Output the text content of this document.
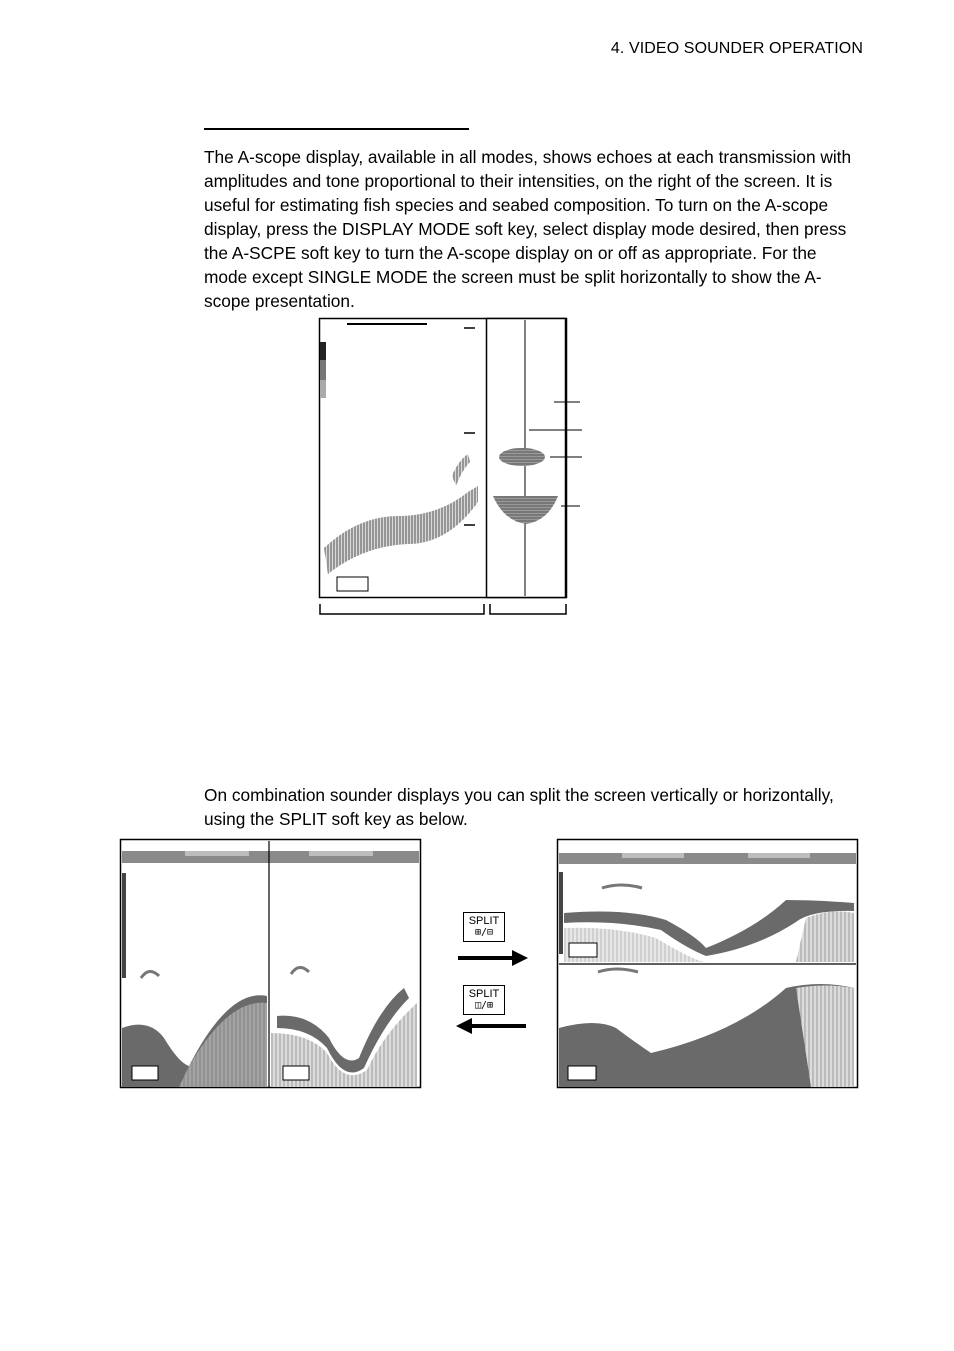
4. VIDEO SOUNDER OPERATION

The A-scope display, available in all modes, shows echoes at each transmission with amplitudes and tone proportional to their intensities, on the right of the screen. It is useful for estimating fish species and seabed composition. To turn on the A-scope display, press the DISPLAY MODE soft key, select display mode desired, then press the A-SCPE soft key to turn the A-scope display on or off as appropriate. For the mode except SINGLE MODE the screen must be split horizontally to show the A-scope presentation.

On combination sounder displays you can split the screen vertically or horizontally, using the SPLIT soft key as below.

SPLIT
⊞/⊟
SPLIT
◫/⊞
